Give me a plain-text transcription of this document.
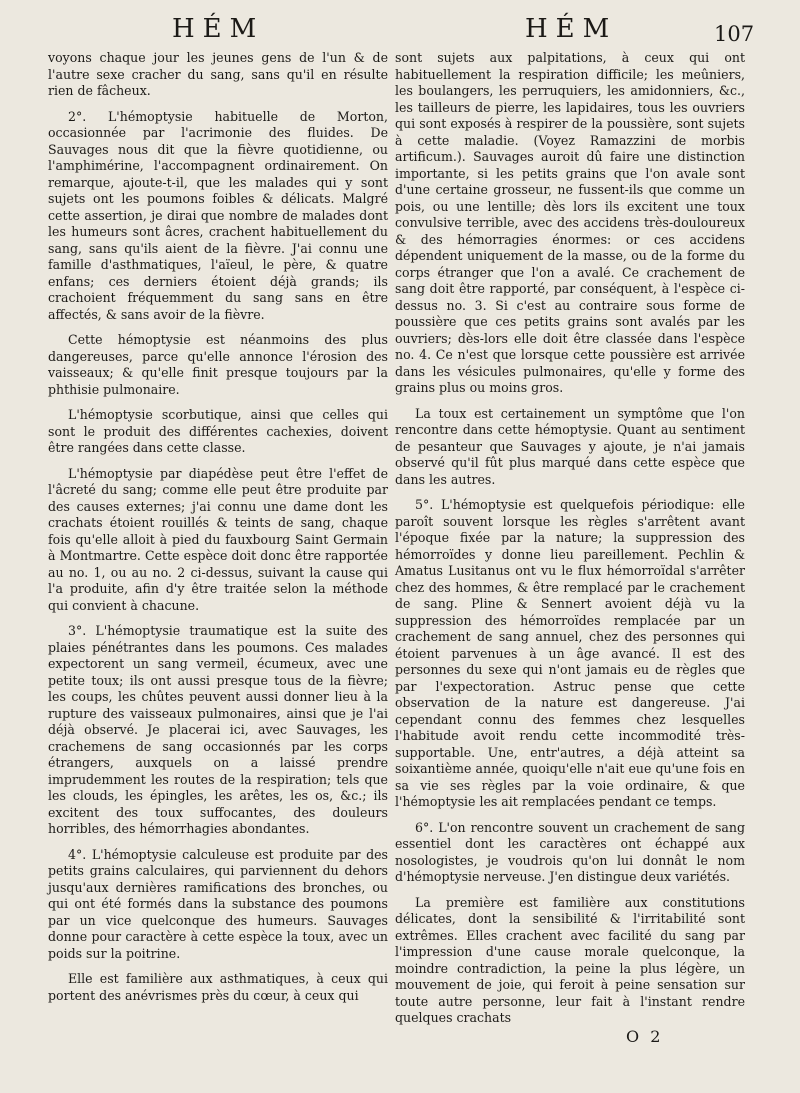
HÉM	HÉM	107

voyons chaque jour les jeunes gens de l'un & de l'autre sexe cracher du sang, sans qu'il en résulte rien de fâcheux.

2°. L'hémoptysie habituelle de Morton, occasionnée par l'acrimonie des fluides. De Sauvages nous dit que la fièvre quotidienne, ou l'amphimérine, l'accompagnent ordinairement. On remarque, ajoute-t-il, que les malades qui y sont sujets ont les poumons foibles & délicats. Malgré cette assertion, je dirai que nombre de malades dont les humeurs sont âcres, crachent habituellement du sang, sans qu'ils aient de la fièvre. J'ai connu une famille d'asthmatiques, l'aïeul, le père, & quatre enfans; ces derniers étoient déjà grands; ils crachoient fréquemment du sang sans en être affectés, & sans avoir de la fièvre.

Cette hémoptysie est néanmoins des plus dangereuses, parce qu'elle annonce l'érosion des vaisseaux; & qu'elle finit presque toujours par la phthisie pulmonaire.

L'hémoptysie scorbutique, ainsi que celles qui sont le produit des différentes cachexies, doivent être rangées dans cette classe.

L'hémoptysie par diapédèse peut être l'effet de l'âcreté du sang; comme elle peut être produite par des causes externes; j'ai connu une dame dont les crachats étoient rouillés & teints de sang, chaque fois qu'elle alloit à pied du fauxbourg Saint Germain à Montmartre. Cette espèce doit donc être rapportée au no. 1, ou au no. 2 ci-dessus, suivant la cause qui l'a produite, afin d'y être traitée selon la méthode qui convient à chacune.

3°. L'hémoptysie traumatique est la suite des plaies pénétrantes dans les poumons. Ces malades expectorent un sang vermeil, écumeux, avec une petite toux; ils ont aussi presque tous de la fièvre; les coups, les chûtes peuvent aussi donner lieu à la rupture des vaisseaux pulmonaires, ainsi que je l'ai déjà observé. Je placerai ici, avec Sauvages, les crachemens de sang occasionnés par les corps étrangers, auxquels on a laissé prendre imprudemment les routes de la respiration; tels que les clouds, les épingles, les arêtes, les os, &c.; ils excitent des toux suffocantes, des douleurs horribles, des hémorrhagies abondantes.

4°. L'hémoptysie calculeuse est produite par des petits grains calculaires, qui parviennent du dehors jusqu'aux dernières ramifications des bronches, ou qui ont été formés dans la substance des poumons par un vice quelconque des humeurs. Sauvages donne pour caractère à cette espèce la toux, avec un poids sur la poitrine.

Elle est familière aux asthmatiques, à ceux qui portent des anévrismes près du cœur, à ceux qui

sont sujets aux palpitations, à ceux qui ont habituellement la respiration difficile; les meûniers, les boulangers, les perruquiers, les amidonniers, &c., les tailleurs de pierre, les lapidaires, tous les ouvriers qui sont exposés à respirer de la poussière, sont sujets à cette maladie. (Voyez Ramazzini de morbis artificum.). Sauvages auroit dû faire une distinction importante, si les petits grains que l'on avale sont d'une certaine grosseur, ne fussent-ils que comme un pois, ou une lentille; dès lors ils excitent une toux convulsive terrible, avec des accidens très-douloureux & des hémorragies énormes: or ces accidens dépendent uniquement de la masse, ou de la forme du corps étranger que l'on a avalé. Ce crachement de sang doit être rapporté, par conséquent, à l'espèce ci-dessus no. 3. Si c'est au contraire sous forme de poussière que ces petits grains sont avalés par les ouvriers; dès-lors elle doit être classée dans l'espèce no. 4. Ce n'est que lorsque cette poussière est arrivée dans les vésicules pulmonaires, qu'elle y forme des grains plus ou moins gros.

La toux est certainement un symptôme que l'on rencontre dans cette hémoptysie. Quant au sentiment de pesanteur que Sauvages y ajoute, je n'ai jamais observé qu'il fût plus marqué dans cette espèce que dans les autres.

5°. L'hémoptysie est quelquefois périodique: elle paroît souvent lorsque les règles s'arrêtent avant l'époque fixée par la nature; la suppression des hémorroïdes y donne lieu pareillement. Pechlin & Amatus Lusitanus ont vu le flux hémorroïdal s'arrêter chez des hommes, & être remplacé par le crachement de sang. Pline & Sennert avoient déjà vu la suppression des hémorroïdes remplacée par un crachement de sang annuel, chez des personnes qui étoient parvenues à un âge avancé. Il est des personnes du sexe qui n'ont jamais eu de règles que par l'expectoration. Astruc pense que cette observation de la nature est dangereuse. J'ai cependant connu des femmes chez lesquelles l'habitude avoit rendu cette incommodité très-supportable. Une, entr'autres, a déjà atteint sa soixantième année, quoiqu'elle n'ait eue qu'une fois en sa vie ses règles par la voie ordinaire, & que l'hémoptysie les ait remplacées pendant ce temps.

6°. L'on rencontre souvent un crachement de sang essentiel dont les caractères ont échappé aux nosologistes, je voudrois qu'on lui donnât le nom d'hémoptysie nerveuse. J'en distingue deux variétés.

La première est familière aux constitutions délicates, dont la sensibilité & l'irritabilité sont extrêmes. Elles crachent avec facilité du sang par l'impression d'une cause morale quelconque, la moindre contradiction, la peine la plus légère, un mouvement de joie, qui feroit à peine sensation sur toute autre personne, leur fait à l'instant rendre quelques crachats

O 2
